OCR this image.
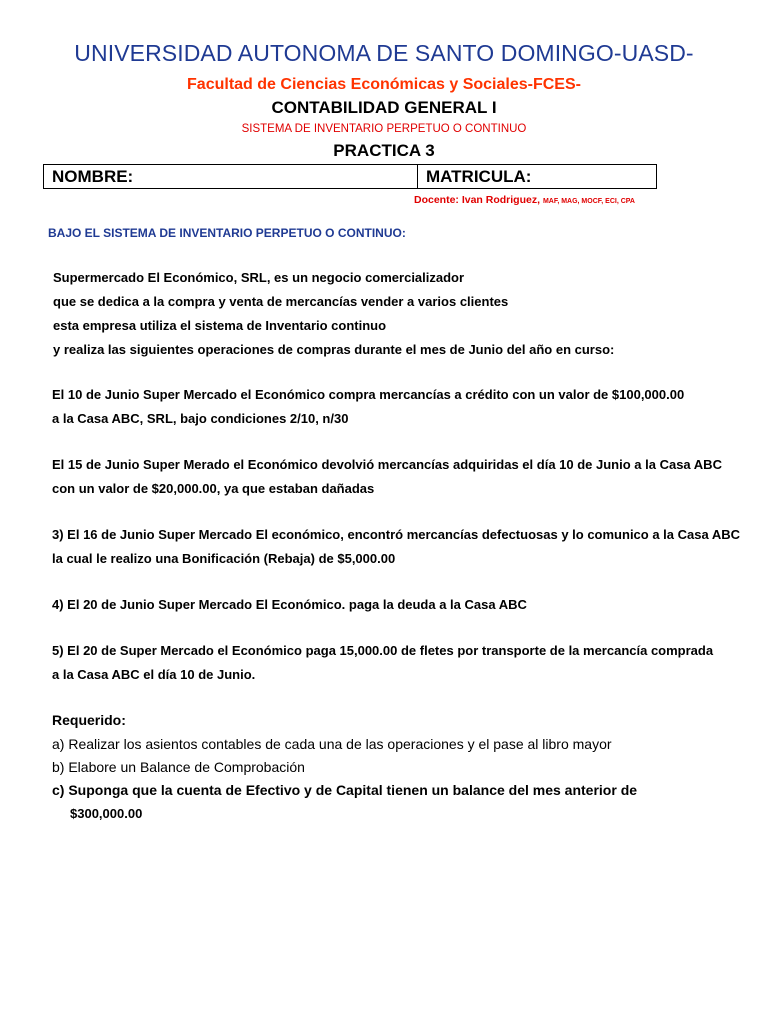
UNIVERSIDAD AUTONOMA DE SANTO DOMINGO-UASD-
Facultad de Ciencias Económicas y Sociales-FCES-
CONTABILIDAD GENERAL I
SISTEMA DE INVENTARIO PERPETUO O CONTINUO
PRACTICA 3
NOMBRE:	MATRICULA:
Docente: Ivan Rodriguez, MAF, MAG, MOCF, ECI, CPA
BAJO EL SISTEMA DE INVENTARIO PERPETUO O CONTINUO:
Supermercado El Económico, SRL, es un negocio comercializador
que se dedica a la compra y venta de mercancías vender a varios clientes
esta empresa utiliza el sistema de Inventario continuo
y realiza las siguientes operaciones de compras durante el mes de Junio del año en curso:
El 10 de Junio Super Mercado el Económico compra mercancías a crédito con un valor de $100,000.00
a la Casa ABC, SRL, bajo condiciones 2/10, n/30
El 15 de Junio Super Merado el Económico devolvió mercancías adquiridas el día 10 de Junio a la Casa ABC
con un valor de $20,000.00, ya que estaban dañadas
3) El 16 de Junio Super Mercado El económico, encontró mercancías defectuosas y lo comunico a la Casa ABC
la cual le realizo una Bonificación (Rebaja) de $5,000.00
4) El 20 de Junio Super Mercado El Económico. paga la deuda a la Casa ABC
5) El 20 de Super Mercado el Económico paga 15,000.00 de fletes por transporte de la mercancía comprada
a la Casa ABC el día 10 de Junio.
Requerido:
a) Realizar los asientos contables de cada una de las operaciones y el pase al libro mayor
b) Elabore un Balance de Comprobación
c) Suponga que la cuenta de Efectivo y de Capital tienen un balance del mes anterior de
$300,000.00
